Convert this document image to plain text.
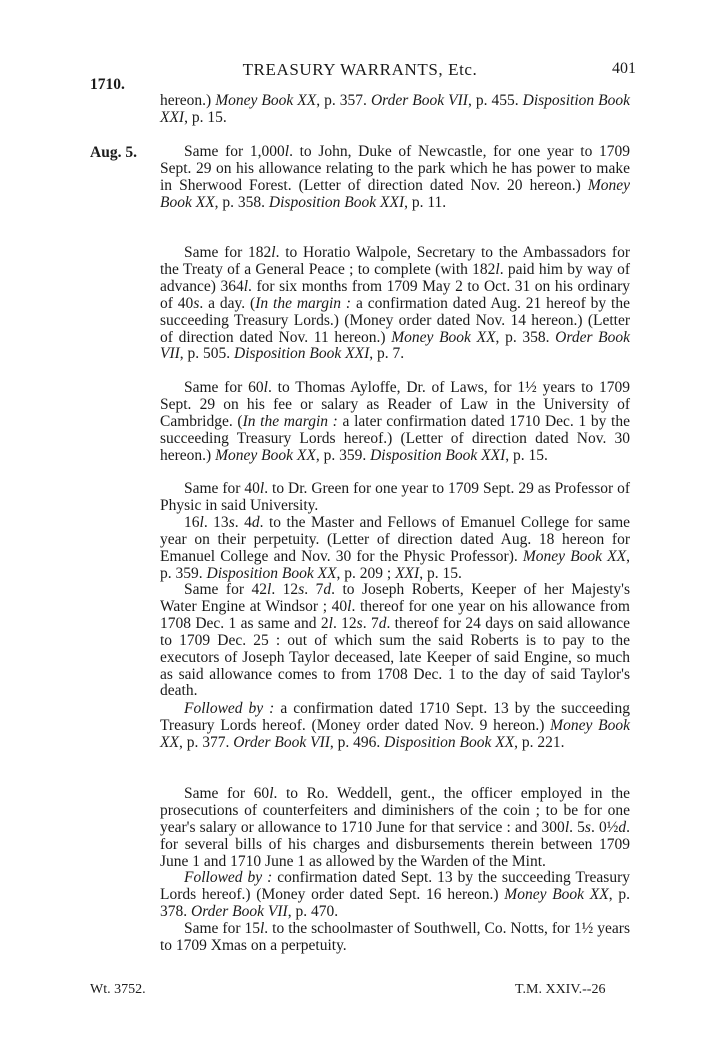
1710.
TREASURY WARRANTS, Etc.	401
Aug. 5.

hereon.) Money Book XX, p. 357. Order Book VII, p. 455. Disposition Book XXI, p. 15.

Same for 1,000l. to John, Duke of Newcastle, for one year to 1709 Sept. 29 on his allowance relating to the park which he has power to make in Sherwood Forest. (Letter of direction dated Nov. 20 hereon.) Money Book XX, p. 358. Disposition Book XXI, p. 11.

Same for 182l. to Horatio Walpole, Secretary to the Ambassadors for the Treaty of a General Peace ; to complete (with 182l. paid him by way of advance) 364l. for six months from 1709 May 2 to Oct. 31 on his ordinary of 40s. a day. (In the margin : a confirmation dated Aug. 21 hereof by the succeeding Treasury Lords.) (Money order dated Nov. 14 hereon.) (Letter of direction dated Nov. 11 hereon.) Money Book XX, p. 358. Order Book VII, p. 505. Disposition Book XXI, p. 7.

Same for 60l. to Thomas Ayloffe, Dr. of Laws, for 1½ years to 1709 Sept. 29 on his fee or salary as Reader of Law in the University of Cambridge. (In the margin : a later confirmation dated 1710 Dec. 1 by the succeeding Treasury Lords hereof.) (Letter of direction dated Nov. 30 hereon.) Money Book XX, p. 359. Disposition Book XXI, p. 15.

Same for 40l. to Dr. Green for one year to 1709 Sept. 29 as Professor of Physic in said University.

16l. 13s. 4d. to the Master and Fellows of Emanuel College for same year on their perpetuity. (Letter of direction dated Aug. 18 hereon for Emanuel College and Nov. 30 for the Physic Professor). Money Book XX, p. 359. Disposition Book XX, p. 209 ; XXI, p. 15.

Same for 42l. 12s. 7d. to Joseph Roberts, Keeper of her Majesty's Water Engine at Windsor ; 40l. thereof for one year on his allowance from 1708 Dec. 1 as same and 2l. 12s. 7d. thereof for 24 days on said allowance to 1709 Dec. 25 : out of which sum the said Roberts is to pay to the executors of Joseph Taylor deceased, late Keeper of said Engine, so much as said allowance comes to from 1708 Dec. 1 to the day of said Taylor's death.

Followed by : a confirmation dated 1710 Sept. 13 by the succeeding Treasury Lords hereof. (Money order dated Nov. 9 hereon.) Money Book XX, p. 377. Order Book VII, p. 496. Disposition Book XX, p. 221.

Same for 60l. to Ro. Weddell, gent., the officer employed in the prosecutions of counterfeiters and diminishers of the coin ; to be for one year's salary or allowance to 1710 June for that service : and 300l. 5s. 0½d. for several bills of his charges and disbursements therein between 1709 June 1 and 1710 June 1 as allowed by the Warden of the Mint.

Followed by : confirmation dated Sept. 13 by the succeeding Treasury Lords hereof.) (Money order dated Sept. 16 hereon.) Money Book XX, p. 378. Order Book VII, p. 470.

Same for 15l. to the schoolmaster of Southwell, Co. Notts, for 1½ years to 1709 Xmas on a perpetuity.

Wt. 3752.	T.M. XXIV.--26
